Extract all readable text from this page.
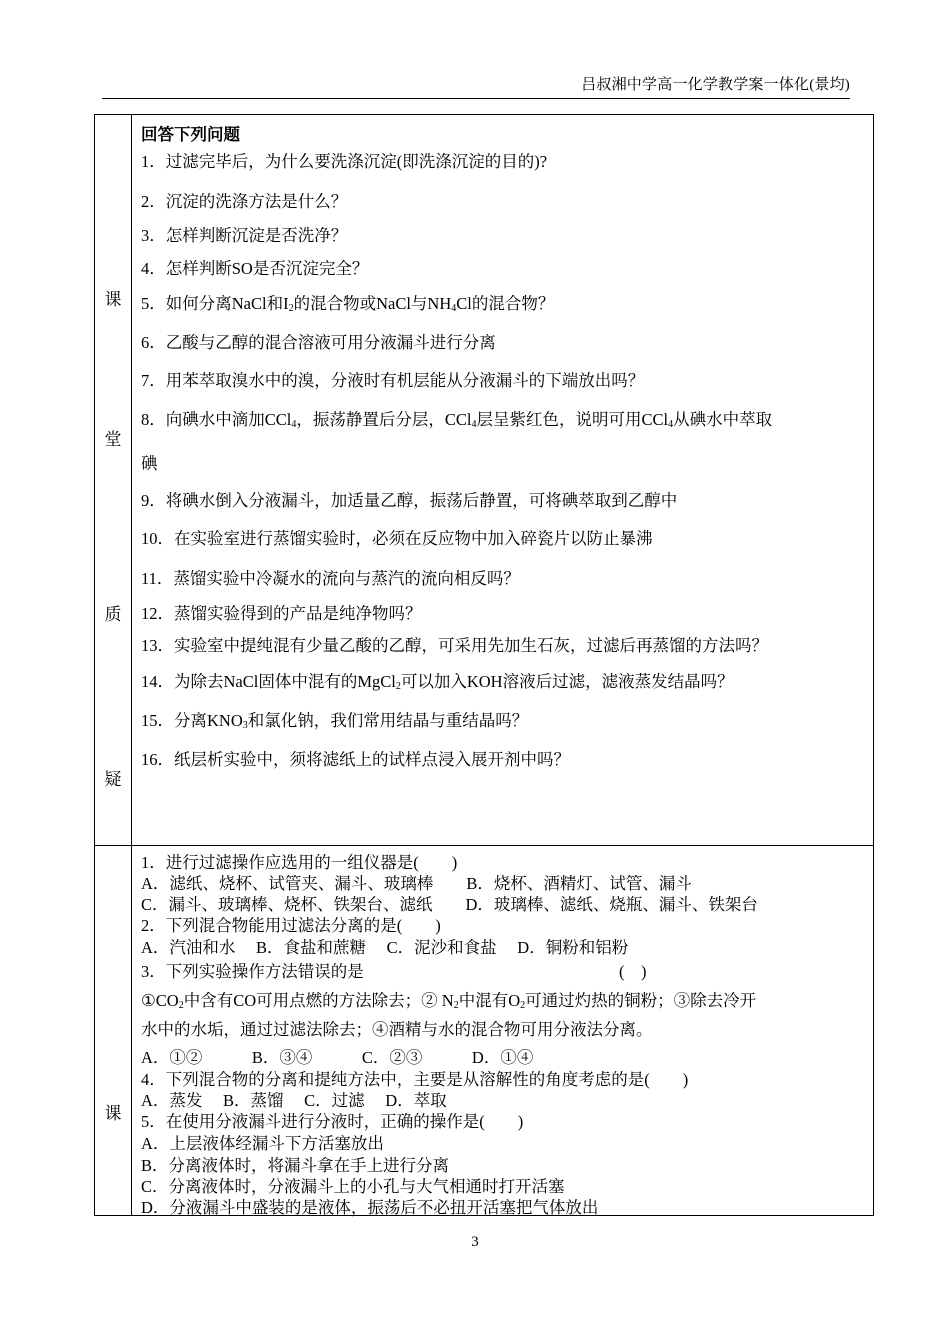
吕叔湘中学高一化学教学案一体化(景均)
课
堂
质
疑
回答下列问题
1．过滤完毕后，为什么要洗涤沉淀(即洗涤沉淀的目的)?
2．沉淀的洗涤方法是什么？
3．怎样判断沉淀是否洗净？
4．怎样判断SO是否沉淀完全？
5．如何分离NaCl和$I_2$的混合物或NaCl与$NH_4Cl$的混合物？
6．乙酸与乙醇的混合溶液可用分液漏斗进行分离
7．用苯萃取溴水中的溴，分液时有机层能从分液漏斗的下端放出吗？
8．向碘水中滴加CCl$_4$，振荡静置后分层，CCl$_4$层呈紫红色，说明可用CCl$_4$从碘水中萃取
碘
9．将碘水倒入分液漏斗，加适量乙醇，振荡后静置，可将碘萃取到乙醇中
10．在实验室进行蒸馏实验时，必须在反应物中加入碎瓷片以防止暴沸
11．蒸馏实验中冷凝水的流向与蒸汽的流向相反吗？
12．蒸馏实验得到的产品是纯净物吗？
13．实验室中提纯混有少量乙酸的乙醇，可采用先加生石灰，过滤后再蒸馏的方法吗？
14．为除去NaCl固体中混有的MgCl$_2$可以加入KOH溶液后过滤，滤液蒸发结晶吗？
15．分离$KNO_3$和氯化钠，我们常用结晶与重结晶吗？
16．纸层析实验中，须将滤纸上的试样点浸入展开剂中吗？
课
1．进行过滤操作应选用的一组仪器是(　　)
A．滤纸、烧杯、试管夹、漏斗、玻璃棒　　B．烧杯、酒精灯、试管、漏斗
C．漏斗、玻璃棒、烧杯、铁架台、滤纸　　D．玻璃棒、滤纸、烧瓶、漏斗、铁架台
2．下列混合物能用过滤法分离的是(　　)
A．汽油和水　 B．食盐和蔗糖　 C．泥沙和食盐　 D．铜粉和铝粉
3．下列实验操作方法错误的是	(　)
$①CO_2$中含有CO可用点燃的方法除去；② $N_2$中混有$O_2$可通过灼热的铜粉；③除去冷开
水中的水垢，通过过滤法除去；④酒精与水的混合物可用分液法分离。
A．①②　　　B．③④　　　C．②③　　　D．①④
4．下列混合物的分离和提纯方法中，主要是从溶解性的角度考虑的是(　　)
A．蒸发　 B．蒸馏　 C．过滤　 D．萃取
5．在使用分液漏斗进行分液时，正确的操作是(　　)
A．上层液体经漏斗下方活塞放出
B．分离液体时，将漏斗拿在手上进行分离
C．分离液体时，分液漏斗上的小孔与大气相通时打开活塞
D．分液漏斗中盛装的是液体，振荡后不必扭开活塞把气体放出
3
